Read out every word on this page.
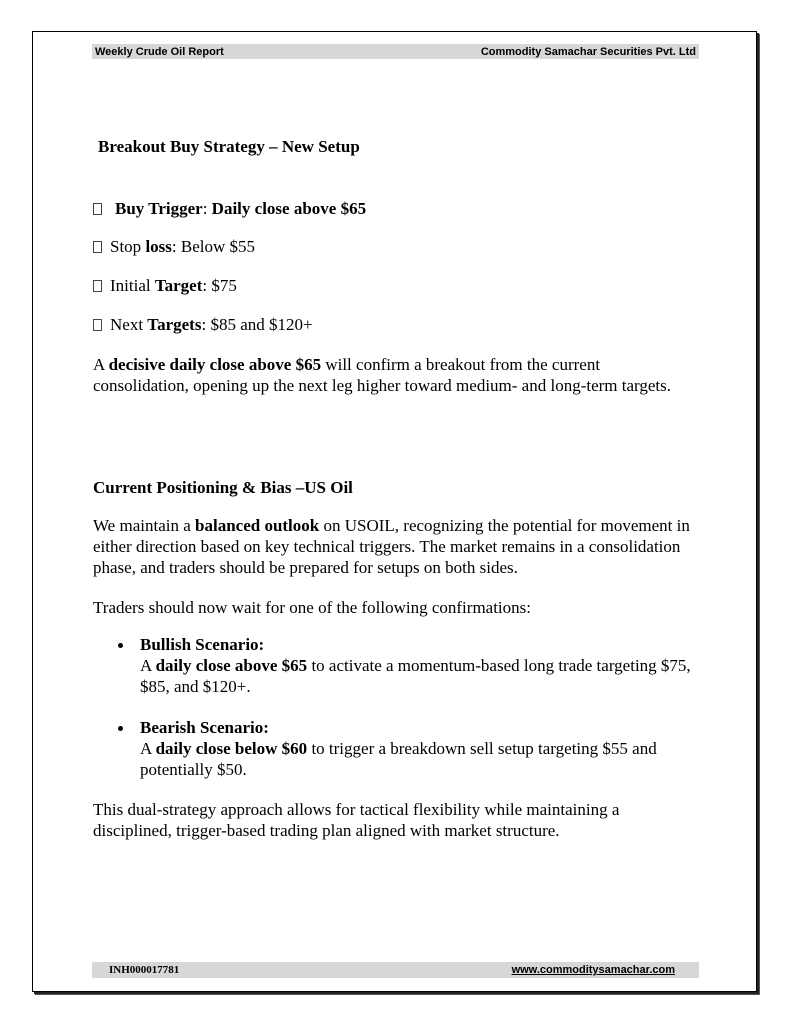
Weekly Crude Oil Report	Commodity Samachar Securities Pvt. Ltd
Breakout Buy Strategy – New Setup
Buy Trigger: Daily close above $65
Stop loss: Below $55
Initial Target: $75
Next Targets: $85 and $120+
A decisive daily close above $65 will confirm a breakout from the current consolidation, opening up the next leg higher toward medium- and long-term targets.
Current Positioning & Bias –US Oil
We maintain a balanced outlook on USOIL, recognizing the potential for movement in either direction based on key technical triggers. The market remains in a consolidation phase, and traders should be prepared for setups on both sides.
Traders should now wait for one of the following confirmations:
Bullish Scenario:
A daily close above $65 to activate a momentum-based long trade targeting $75, $85, and $120+.
Bearish Scenario:
A daily close below $60 to trigger a breakdown sell setup targeting $55 and potentially $50.
This dual-strategy approach allows for tactical flexibility while maintaining a disciplined, trigger-based trading plan aligned with market structure.
INH000017781	www.commoditysamachar.com
